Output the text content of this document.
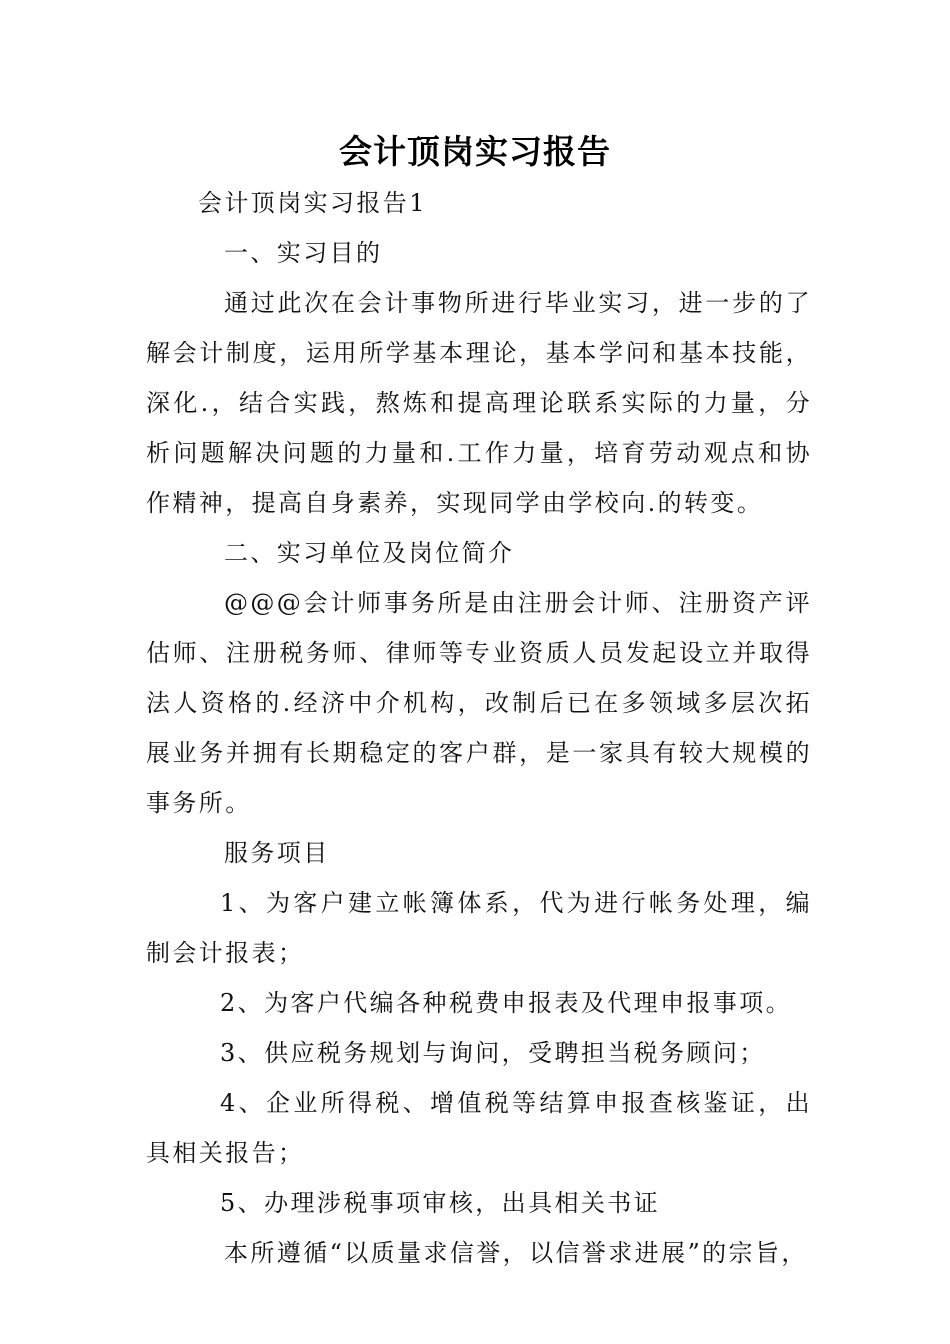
会计顶岗实习报告

会计顶岗实习报告1

一、实习目的

通过此次在会计事物所进行毕业实习，进一步的了解会计制度，运用所学基本理论，基本学问和基本技能，深化.，结合实践，熬炼和提高理论联系实际的力量，分析问题解决问题的力量和.工作力量，培育劳动观点和协作精神，提高自身素养，实现同学由学校向.的转变。

二、实习单位及岗位简介

@@@会计师事务所是由注册会计师、注册资产评估师、注册税务师、律师等专业资质人员发起设立并取得法人资格的.经济中介机构，改制后已在多领域多层次拓展业务并拥有长期稳定的客户群，是一家具有较大规模的事务所。

服务项目

1、为客户建立帐簿体系，代为进行帐务处理，编制会计报表；

2、为客户代编各种税费申报表及代理申报事项。

3、供应税务规划与询问，受聘担当税务顾问；

4、企业所得税、增值税等结算申报查核鉴证，出具相关报告；

5、办理涉税事项审核，出具相关书证

本所遵循“以质量求信誉，以信誉求进展”的宗旨，
